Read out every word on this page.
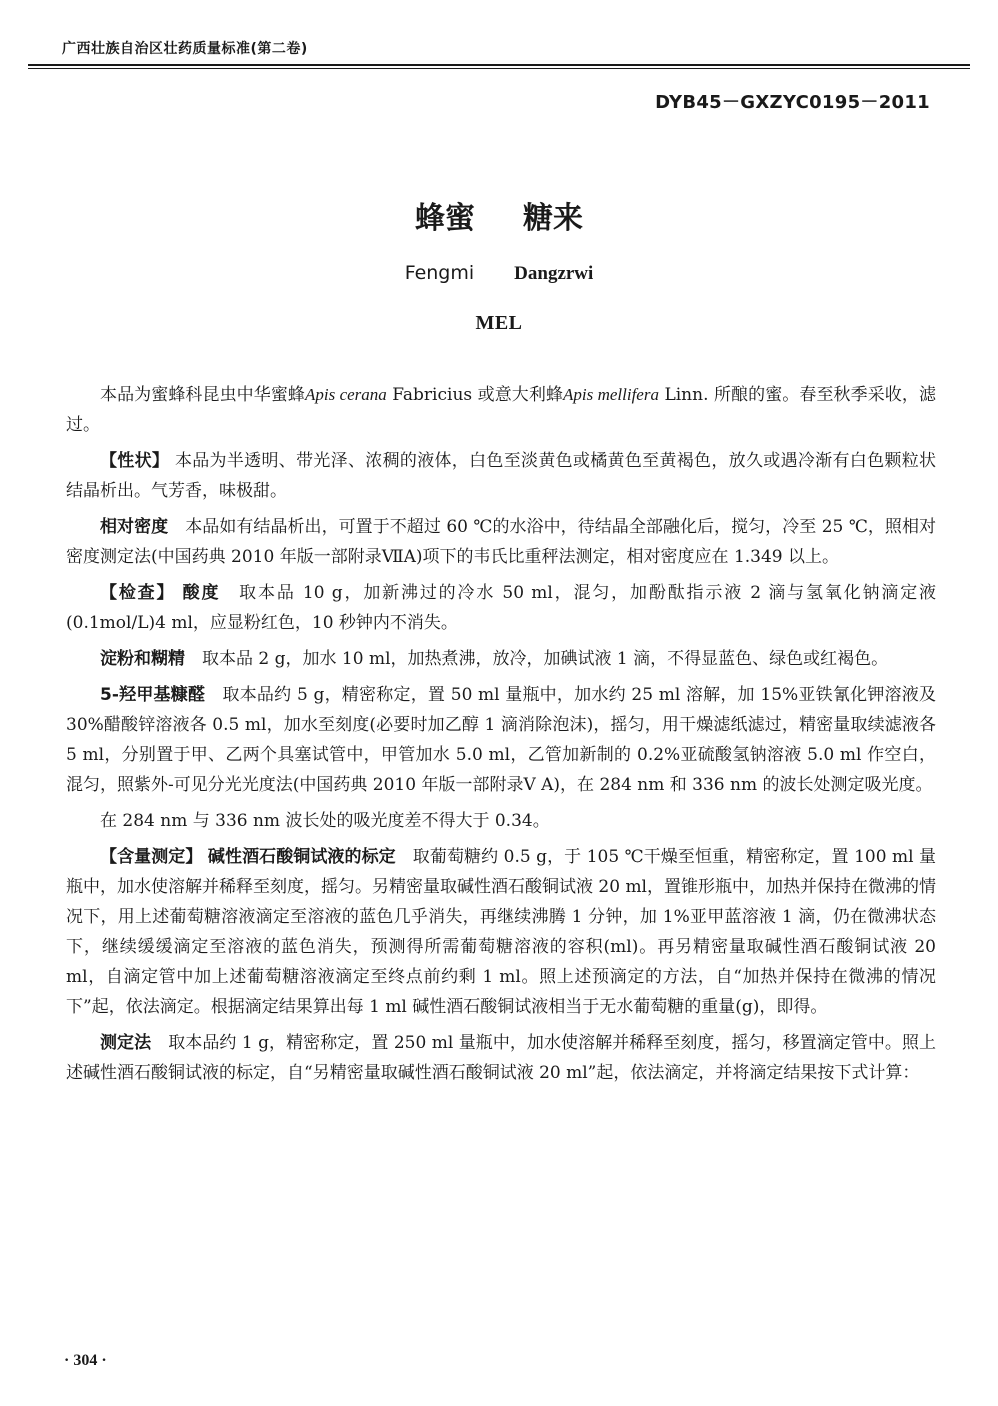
广西壮族自治区壮药质量标准(第二卷)
DYB45－GXZYC0195－2011
蜂蜜 糖来
Fengmi Dangzrwi
MEL

本品为蜜蜂科昆虫中华蜜蜂Apis cerana Fabricius 或意大利蜂Apis mellifera Linn. 所酿的蜜。春至秋季采收，滤过。

【性状】 本品为半透明、带光泽、浓稠的液体，白色至淡黄色或橘黄色至黄褐色，放久或遇冷渐有白色颗粒状结晶析出。气芳香，味极甜。

相对密度　 本品如有结晶析出，可置于不超过 60 ℃的水浴中，待结晶全部融化后，搅匀，冷至 25 ℃，照相对密度测定法(中国药典 2010 年版一部附录ⅦA)项下的韦氏比重秤法测定，相对密度应在 1.349 以上。

【检查】 酸度　 取本品 10 g，加新沸过的冷水 50 ml，混匀，加酚酞指示液 2 滴与氢氧化钠滴定液(0.1mol/L)4 ml，应显粉红色，10 秒钟内不消失。

淀粉和糊精　 取本品 2 g，加水 10 ml，加热煮沸，放冷，加碘试液 1 滴，不得显蓝色、绿色或红褐色。

5-羟甲基糠醛　 取本品约 5 g，精密称定，置 50 ml 量瓶中，加水约 25 ml 溶解，加 15%亚铁氰化钾溶液及 30%醋酸锌溶液各 0.5 ml，加水至刻度(必要时加乙醇 1 滴消除泡沫)，摇匀，用干燥滤纸滤过，精密量取续滤液各 5 ml，分别置于甲、乙两个具塞试管中，甲管加水 5.0 ml，乙管加新制的 0.2%亚硫酸氢钠溶液 5.0 ml 作空白，混匀，照紫外-可见分光光度法(中国药典 2010 年版一部附录Ⅴ A)，在 284 nm 和 336 nm 的波长处测定吸光度。

在 284 nm 与 336 nm 波长处的吸光度差不得大于 0.34。

【含量测定】 碱性酒石酸铜试液的标定　 取葡萄糖约 0.5 g，于 105 ℃干燥至恒重，精密称定，置 100 ml 量瓶中，加水使溶解并稀释至刻度，摇匀。另精密量取碱性酒石酸铜试液 20 ml，置锥形瓶中，加热并保持在微沸的情况下，用上述葡萄糖溶液滴定至溶液的蓝色几乎消失，再继续沸腾 1 分钟，加 1%亚甲蓝溶液 1 滴，仍在微沸状态下，继续缓缓滴定至溶液的蓝色消失，预测得所需葡萄糖溶液的容积(ml)。再另精密量取碱性酒石酸铜试液 20 ml，自滴定管中加上述葡萄糖溶液滴定至终点前约剩 1 ml。照上述预滴定的方法，自“加热并保持在微沸的情况下”起，依法滴定。根据滴定结果算出每 1 ml 碱性酒石酸铜试液相当于无水葡萄糖的重量(g)，即得。

测定法　 取本品约 1 g，精密称定，置 250 ml 量瓶中，加水使溶解并稀释至刻度，摇匀，移置滴定管中。照上述碱性酒石酸铜试液的标定，自“另精密量取碱性酒石酸铜试液 20 ml”起，依法滴定，并将滴定结果按下式计算：

· 304 ·
